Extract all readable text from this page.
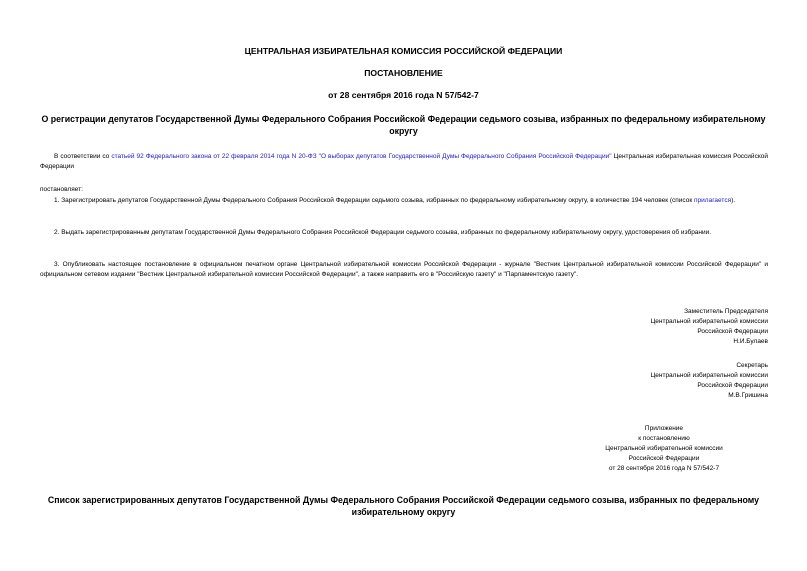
ЦЕНТРАЛЬНАЯ ИЗБИРАТЕЛЬНАЯ КОМИССИЯ РОССИЙСКОЙ ФЕДЕРАЦИИ
ПОСТАНОВЛЕНИЕ
от 28 сентября 2016 года N 57/542-7
О регистрации депутатов Государственной Думы Федерального Собрания Российской Федерации седьмого созыва, избранных по федеральному избирательному округу
В соответствии со статьей 92 Федерального закона от 22 февраля 2014 года N 20-ФЗ "О выборах депутатов Государственной Думы Федерального Собрания Российской Федерации" Центральная избирательная комиссия Российской Федерации
постановляет:
1. Зарегистрировать депутатов Государственной Думы Федерального Собрания Российской Федерации седьмого созыва, избранных по федеральному избирательному округу, в количестве 194 человек (список прилагается).
2. Выдать зарегистрированным депутатам Государственной Думы Федерального Собрания Российской Федерации седьмого созыва, избранных по федеральному избирательному округу, удостоверения об избрании.
3. Опубликовать настоящее постановление в официальном печатном органе Центральной избирательной комиссии Российской Федерации - журнале "Вестник Центральной избирательной комиссии Российской Федерации" и официальном сетевом издании "Вестник Центральной избирательной комиссии Российской Федерации", а также направить его в "Российскую газету" и "Парламентскую газету".
Заместитель Председателя
Центральной избирательной комиссии
Российской Федерации
Н.И.Булаев
Секретарь
Центральной избирательной комиссии
Российской Федерации
М.В.Гришина
Приложение
к постановлению
Центральной избирательной комиссии
Российской Федерации
от 28 сентября 2016 года N 57/542-7
Список зарегистрированных депутатов Государственной Думы Федерального Собрания Российской Федерации седьмого созыва, избранных по федеральному избирательному округу
